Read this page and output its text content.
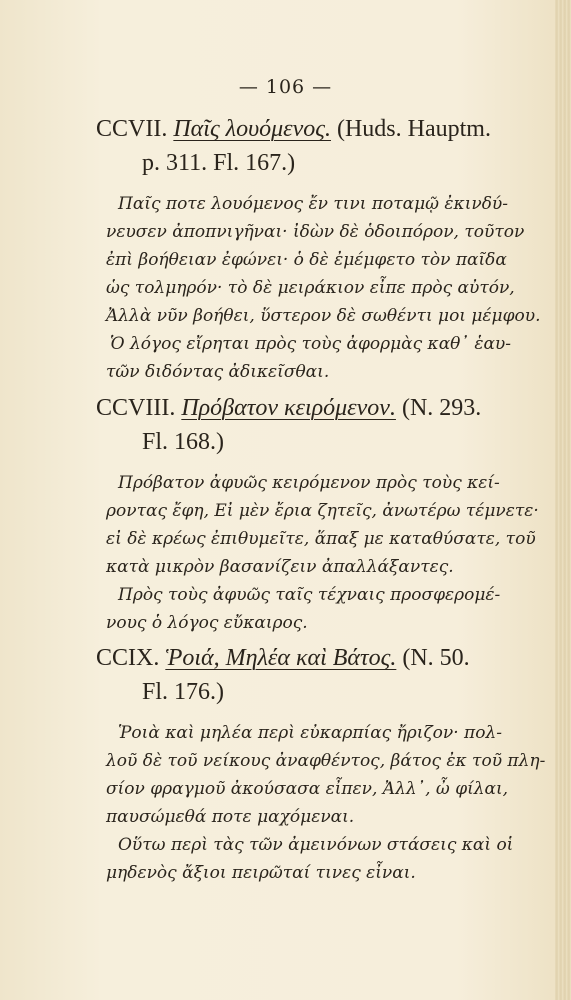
— 106 —

CCVII. Παῖς λουόμενος. (Huds. Hauptm.
p. 311. Fl. 167.)

Παῖς ποτε λουόμενος ἔν τινι ποταμῷ ἐκινδύ-
νευσεν ἀποπνιγῆναι· ἰδὼν δὲ ὁδοιπόρον, τοῦτον
ἐπὶ βοήθειαν ἐφώνει· ὁ δὲ ἐμέμφετο τὸν παῖδα
ὡς τολμηρόν· τὸ δὲ μειράκιον εἶπε πρὸς αὐτόν,
Ἀλλὰ νῦν βοήθει, ὕστερον δὲ σωθέντι μοι μέμφου.
Ὁ λόγος εἴρηται πρὸς τοὺς ἀφορμὰς καθ᾽ ἑαυ-
τῶν διδόντας ἀδικεῖσθαι.

CCVIII. Πρόβατον κειρόμενον. (N. 293.
Fl. 168.)

Πρόβατον ἀφυῶς κειρόμενον πρὸς τοὺς κεί-
ροντας ἔφη, Εἰ μὲν ἔρια ζητεῖς, ἀνωτέρω τέμνετε·
εἰ δὲ κρέως ἐπιθυμεῖτε, ἅπαξ με καταθύσατε, τοῦ
κατὰ μικρὸν βασανίζειν ἀπαλλάξαντες.
Πρὸς τοὺς ἀφυῶς ταῖς τέχναις προσφερομέ-
νους ὁ λόγος εὔκαιρος.

CCIX. Ῥοιά, Μηλέα καὶ Βάτος. (N. 50.
Fl. 176.)

Ῥοιὰ καὶ μηλέα περὶ εὐκαρπίας ἤριζον· πολ-
λοῦ δὲ τοῦ νείκους ἀναφθέντος, βάτος ἐκ τοῦ πλη-
σίον φραγμοῦ ἀκούσασα εἶπεν, Ἀλλ᾽, ὦ φίλαι,
παυσώμεθά ποτε μαχόμεναι.
Οὕτω περὶ τὰς τῶν ἀμεινόνων στάσεις καὶ οἱ
μηδενὸς ἄξιοι πειρῶταί τινες εἶναι.
